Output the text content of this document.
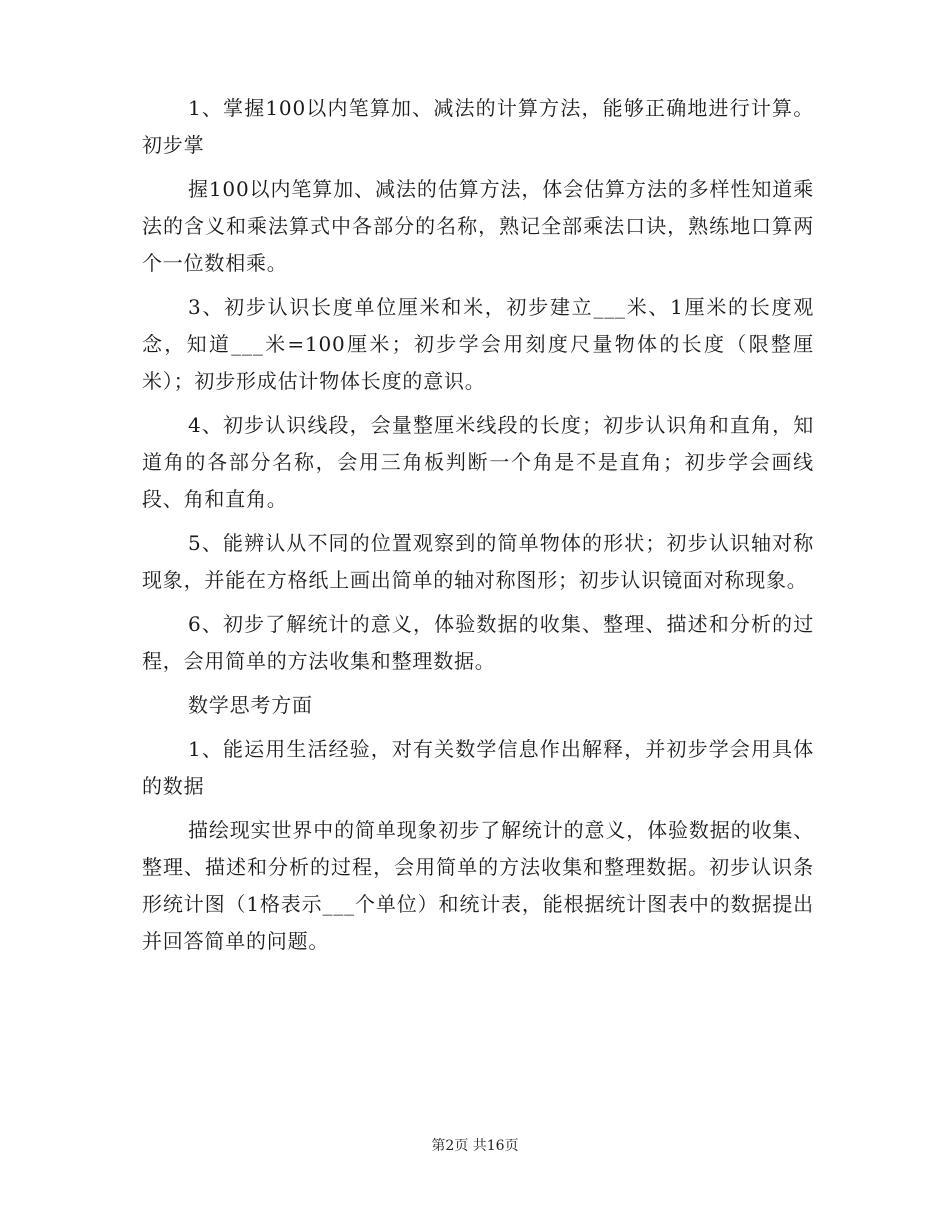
1、掌握100以内笔算加、减法的计算方法，能够正确地进行计算。初步掌

握100以内笔算加、减法的估算方法，体会估算方法的多样性知道乘法的含义和乘法算式中各部分的名称，熟记全部乘法口诀，熟练地口算两个一位数相乘。

3、初步认识长度单位厘米和米，初步建立___米、1厘米的长度观念，知道___米=100厘米；初步学会用刻度尺量物体的长度（限整厘米）；初步形成估计物体长度的意识。

4、初步认识线段，会量整厘米线段的长度；初步认识角和直角，知道角的各部分名称，会用三角板判断一个角是不是直角；初步学会画线段、角和直角。

5、能辨认从不同的位置观察到的简单物体的形状；初步认识轴对称现象，并能在方格纸上画出简单的轴对称图形；初步认识镜面对称现象。

6、初步了解统计的意义，体验数据的收集、整理、描述和分析的过程，会用简单的方法收集和整理数据。

数学思考方面

1、能运用生活经验，对有关数学信息作出解释，并初步学会用具体的数据

描绘现实世界中的简单现象初步了解统计的意义，体验数据的收集、整理、描述和分析的过程，会用简单的方法收集和整理数据。初步认识条形统计图（1格表示___个单位）和统计表，能根据统计图表中的数据提出并回答简单的问题。

第2页 共16页
